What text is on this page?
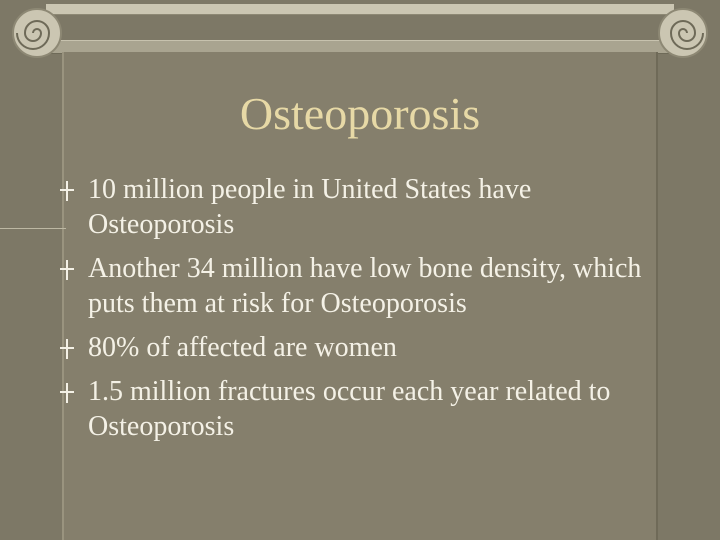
Osteoporosis
10 million people in United States have Osteoporosis
Another 34 million have low bone density, which puts them at risk for Osteoporosis
80% of affected are women
1.5 million fractures occur each year related to Osteoporosis
